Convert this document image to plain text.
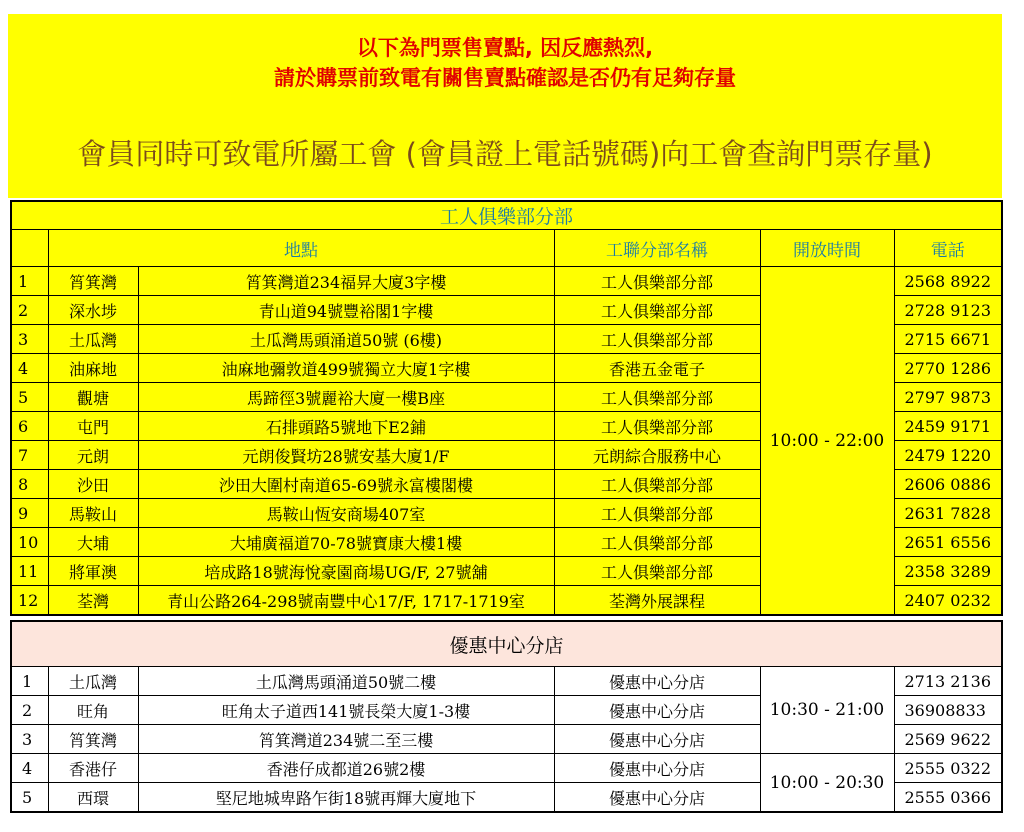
以下為門票售賣點, 因反應熱烈,
請於購票前致電有關售賣點確認是否仍有足夠存量
會員同時可致電所屬工會 (會員證上電話號碼)向工會查詢門票存量)
工人俱樂部分部					
	地點		工聯分部名稱	開放時間	電話
1	筲箕灣	筲箕灣道234福昇大廈3字樓	工人俱樂部分部	10:00 - 22:00	2568 8922
2	深水埗	青山道94號豐裕閣1字樓	工人俱樂部分部		2728 9123
3	土瓜灣	土瓜灣馬頭涌道50號 (6樓)	工人俱樂部分部		2715 6671
4	油麻地	油麻地彌敦道499號獨立大廈1字樓	香港五金電子		2770 1286
5	觀塘	馬蹄徑3號麗裕大廈一樓B座	工人俱樂部分部		2797 9873
6	屯門	石排頭路5號地下E2鋪	工人俱樂部分部		2459 9171
7	元朗	元朗俊賢坊28號安基大廈1/F	元朗綜合服務中心		2479 1220
8	沙田	沙田大圍村南道65-69號永富樓閣樓	工人俱樂部分部		2606 0886
9	馬鞍山	馬鞍山恆安商場407室	工人俱樂部分部		2631 7828
10	大埔	大埔廣福道70-78號寶康大樓1樓	工人俱樂部分部		2651 6556
11	將軍澳	培成路18號海悅豪園商場UG/F, 27號舖	工人俱樂部分部		2358 3289
12	荃灣	青山公路264-298號南豐中心17/F, 1717-1719室	荃灣外展課程		2407 0232
優惠中心分店					
1	土瓜灣	土瓜灣馬頭涌道50號二樓	優惠中心分店	10:30 - 21:00	2713 2136
2	旺角	旺角太子道西141號長榮大廈1-3樓	優惠中心分店		36908833
3	筲箕灣	筲箕灣道234號二至三樓	優惠中心分店		2569 9622
4	香港仔	香港仔成都道26號2樓	優惠中心分店	10:00 - 20:30	2555 0322
5	西環	堅尼地城卑路乍街18號再輝大廈地下	優惠中心分店		2555 0366
